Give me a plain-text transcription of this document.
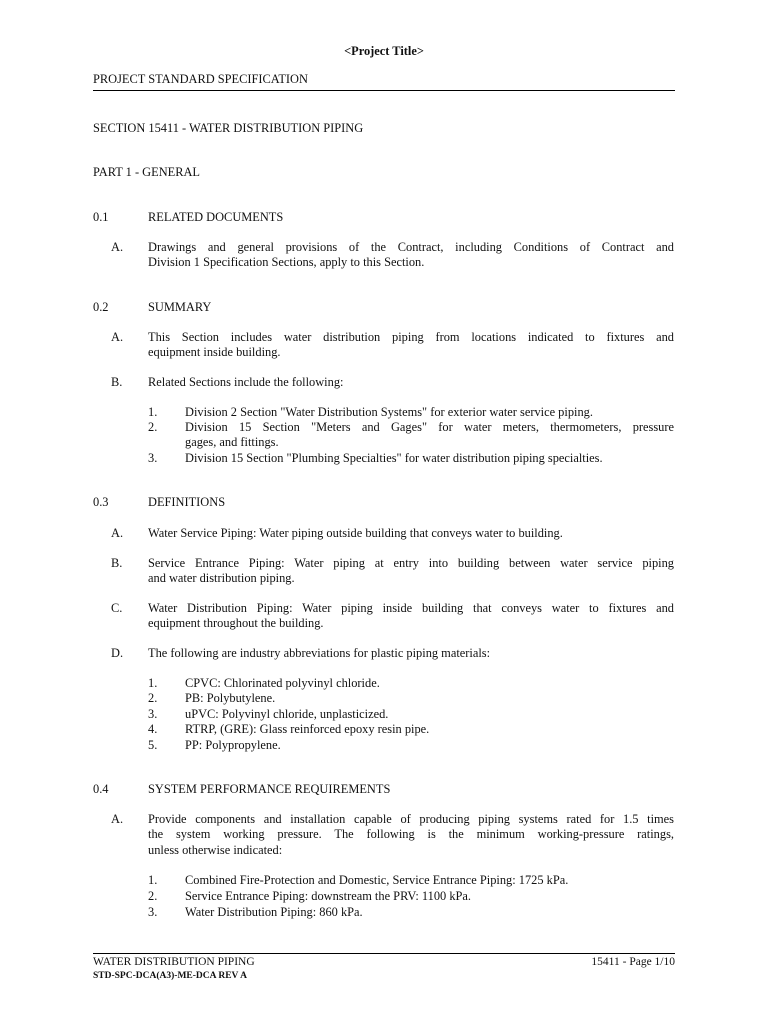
<Project Title>
PROJECT STANDARD SPECIFICATION
SECTION 15411 - WATER DISTRIBUTION PIPING
PART 1 - GENERAL
0.1	RELATED DOCUMENTS
A. Drawings and general provisions of the Contract, including Conditions of Contract and
Division 1 Specification Sections, apply to this Section.
0.2	SUMMARY
A. This Section includes water distribution piping from locations indicated to fixtures and
equipment inside building.
B. Related Sections include the following:
1. Division 2 Section "Water Distribution Systems" for exterior water service piping.
2. Division 15 Section "Meters and Gages" for water meters, thermometers, pressure
gages, and fittings.
3. Division 15 Section "Plumbing Specialties" for water distribution piping specialties.
0.3	DEFINITIONS
A. Water Service Piping: Water piping outside building that conveys water to building.
B. Service Entrance Piping: Water piping at entry into building between water service piping
and water distribution piping.
C. Water Distribution Piping: Water piping inside building that conveys water to fixtures and
equipment throughout the building.
D. The following are industry abbreviations for plastic piping materials:
1. CPVC: Chlorinated polyvinyl chloride.
2. PB: Polybutylene.
3. uPVC: Polyvinyl chloride, unplasticized.
4. RTRP, (GRE): Glass reinforced epoxy resin pipe.
5. PP: Polypropylene.
0.4	SYSTEM PERFORMANCE REQUIREMENTS
A. Provide components and installation capable of producing piping systems rated for 1.5 times
the system working pressure. The following is the minimum working-pressure ratings,
unless otherwise indicated:
1. Combined Fire-Protection and Domestic, Service Entrance Piping: 1725 kPa.
2. Service Entrance Piping: downstream the PRV: 1100 kPa.
3. Water Distribution Piping: 860 kPa.
WATER DISTRIBUTION PIPING	15411 - Page 1/10
STD-SPC-DCA(A3)-ME-DCA REV A
